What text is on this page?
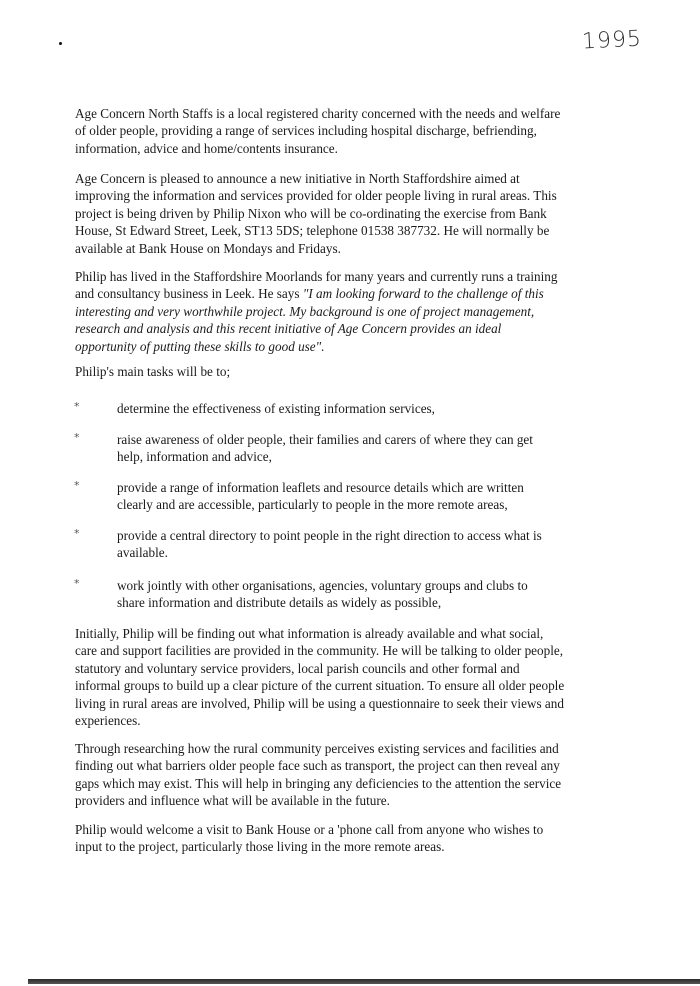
1995

Age Concern North Staffs is a local registered charity concerned with the needs and welfare of older people, providing a range of services including hospital discharge, befriending, information, advice and home/contents insurance.

Age Concern is pleased to announce a new initiative in North Staffordshire aimed at improving the information and services provided for older people living in rural areas. This project is being driven by Philip Nixon who will be co-ordinating the exercise from Bank House, St Edward Street, Leek, ST13 5DS; telephone 01538 387732. He will normally be available at Bank House on Mondays and Fridays.

Philip has lived in the Staffordshire Moorlands for many years and currently runs a training and consultancy business in Leek. He says "I am looking forward to the challenge of this interesting and very worthwhile project. My background is one of project management, research and analysis and this recent initiative of Age Concern provides an ideal opportunity of putting these skills to good use".

Philip's main tasks will be to;

*	determine the effectiveness of existing information services,
*	raise awareness of older people, their families and carers of where they can get help, information and advice,
*	provide a range of information leaflets and resource details which are written clearly and are accessible, particularly to people in the more remote areas,
*	provide a central directory to point people in the right direction to access what is available.
*	work jointly with other organisations, agencies, voluntary groups and clubs to share information and distribute details as widely as possible,

Initially, Philip will be finding out what information is already available and what social, care and support facilities are provided in the community. He will be talking to older people, statutory and voluntary service providers, local parish councils and other formal and informal groups to build up a clear picture of the current situation. To ensure all older people living in rural areas are involved, Philip will be using a questionnaire to seek their views and experiences.

Through researching how the rural community perceives existing services and facilities and finding out what barriers older people face such as transport, the project can then reveal any gaps which may exist. This will help in bringing any deficiencies to the attention the service providers and influence what will be available in the future.

Philip would welcome a visit to Bank House or a 'phone call from anyone who wishes to input to the project, particularly those living in the more remote areas.
